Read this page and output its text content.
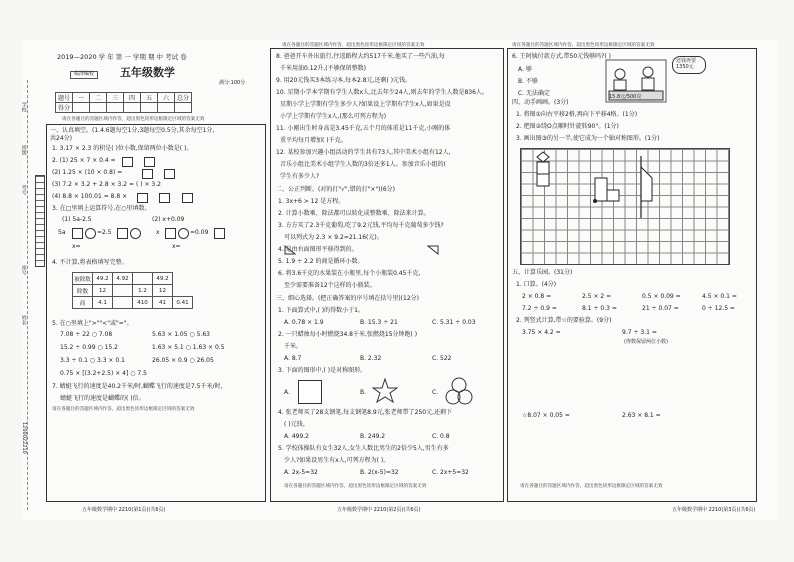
学校
班级
考号
座号
姓名
1200022210
2019—2020 学 年 第 一 学期 期 中 考试 卷
临泽编校	五年级数学
满分:100分
题号	一	二	三	四	五	六	总分
得分							
请在各题目的答题区域内作答，超出黑色矩形边框限定区域的答案无效
请在各题目的答题区域内作答，超出黑色矩形边框限定区域的答案无效	请在各题目的答题区域内作答，超出黑色矩形边框限定区域的答案无效
一、认真填空。(1.4.6题每空1分,3题每空0.5分,其余每空1分,
共24分)
1. 3.17 × 2.3 的积是( )位小数,保留两位小数是( )。
2. (1) 25 × 7 × 0.4 =
(2) 1.25 × (10 × 0.8) =
(3) 7.2 × 3.2 + 2.8 × 3.2 = ( ) × 3.2
(4) 8.8 × 100.01 = 8.8 ×
3. 在□里填上运算符号,在○里填数。
(1) 5a-2.5	(2) x+0.09
5a	=2.5	x	=0.09
x=	x=
4. 不计算,将表格填写完整。
被除数	49.2	4.92		49.2	
除数	12		1.2	12	
商	4.1		410	41	0.41
5. 在○里填上">""<"或"="。
7.08 ÷ 22 ○ 7.08	5.63 × 1.05 ○ 5.63
15.2 ÷ 0.99 ○ 15.2	1.63 × 5.1 ○ 1.63 × 0.5
3.3 ÷ 0.1 ○ 3.3 × 0.1	26.05 × 0.9 ○ 26.05
0.75 × [(3.2+2.5) × 4] ○ 7.5
7. 蜻蜓飞行的速度是40.2千米/时,蝴蝶飞行的速度是7.5千米/时,
蜻蜓飞行的速度是蝴蝶的( )倍。
请在各题目的答题区域内作答，超出黑色矩形边框限定区域的答案无效
请在各题目的答题区域内作答，超出黑色矩形边框限定区域的答案无效	请在各题目的答题区域内作答，超出黑色矩形边框限定区域的答案无效
8. 爸爸开车外出旅行,往返路程大约517千米,他买了一些汽油,每
千米用油0.12升,(不够保留整数)
9. 用20元钱买3本练习本,每本2.8元,还剩( )元钱。
10. 星期小学本学期有学生人数x人,比去年少24人,则去年的学生人数是836人。
星期小学上学期有学生多少人?如果设上学期有学生x人,如果是设
小学上学期有学生x人,(那么可列方程为)
11. 小刚出生时身高是3.45千克,五个月的体重是11千克,小刚的体
重平均每月增加( )千克。
12. 某校参加兴趣小组活动的学生共有73人,其中美术小组有12人,
音乐小组比美术小组学生人数的3倍还多1人。参加音乐小组的(
学生有多少人?
二、公正判断。(对的打"√",错的打"×")(6分)
1. 3x+6 > 12 是方程。
2. 计算小数乘、除法都可以转化成整数乘、除法来计算。
3. 方方买了2.3千克葡萄,吃了9.2元钱,平均每千克葡萄多少钱?
可以列式为 2.3 × 9.2=21.16(元)。
4. 是由右面图形平移得到的。
5. 1.9 ÷ 2.2 的商是循环小数。
6. 将3.6千克的水果装在小瓶里,每个小瓶装0.45千克,
至少需要准备12个这样的小瓶装。
三、细心选择。(把正确答案的序号填在括号里)(12分)
1. 下面算式中,( )的得数小于1。
A. 0.78 × 1.9	B. 15.3 ÷ 21	C. 5.31 ÷ 0.03
2. 一只蜡烛每小时燃烧34.8千米,张燃烧15分钟跑( )
千米。
A. 8.7	B. 2.32	C. 522
3. 下面的图形中,( )是对称图形。
A.	B.	C.
4. 张老师买了28支钢笔,每支钢笔8.9元,张老师带了250元,还剩下
( )元钱。
A. 499.2	B. 249.2	C. 0.8
5. 学校体操队有女生32人,女生人数比男生的2倍少5人,男生有多
少人?如果设男生有x人,可列方程为( )。
A. 2x-5=32	B. 2(x-5)=32	C. 2x+5=32
6. 王阿姨付款方式,带50元钱够吗?( )
A. 够
B. 不够
C. 无法确定	15.8元/500克
还钱再要1350元
四、动手画画。(3分)
1. 将图①向右平移2格,再向下平移4格。(1分)
2. 把图②绕O点顺时针旋转90°。(1分)
3. 画出图③的另一半,使它成为一个轴对称图形。(1分)
五、计算乐园。(31分)
1. 口算。(4分)
2 × 0.8 =	2.5 × 2 =	0.5 × 0.09 =	4.5 × 0.1 =
7.2 ÷ 0.9 =	8.1 ÷ 0.3 =	21 ÷ 0.07 =	0 ÷ 12.5 =
2. 列竖式计算,带☆的要验算。(9分)
3.75 × 4.2 =	9.7 ÷ 3.1 =
(得数保留两位小数)
☆8.07 × 0.05 =	2.63 × 8.1 =
五年级数学期中 2210(第1页)(共6页)	五年级数学期中 2210(第2页)(共6页)	五年级数学期中 2210(第3页)(共6页)
